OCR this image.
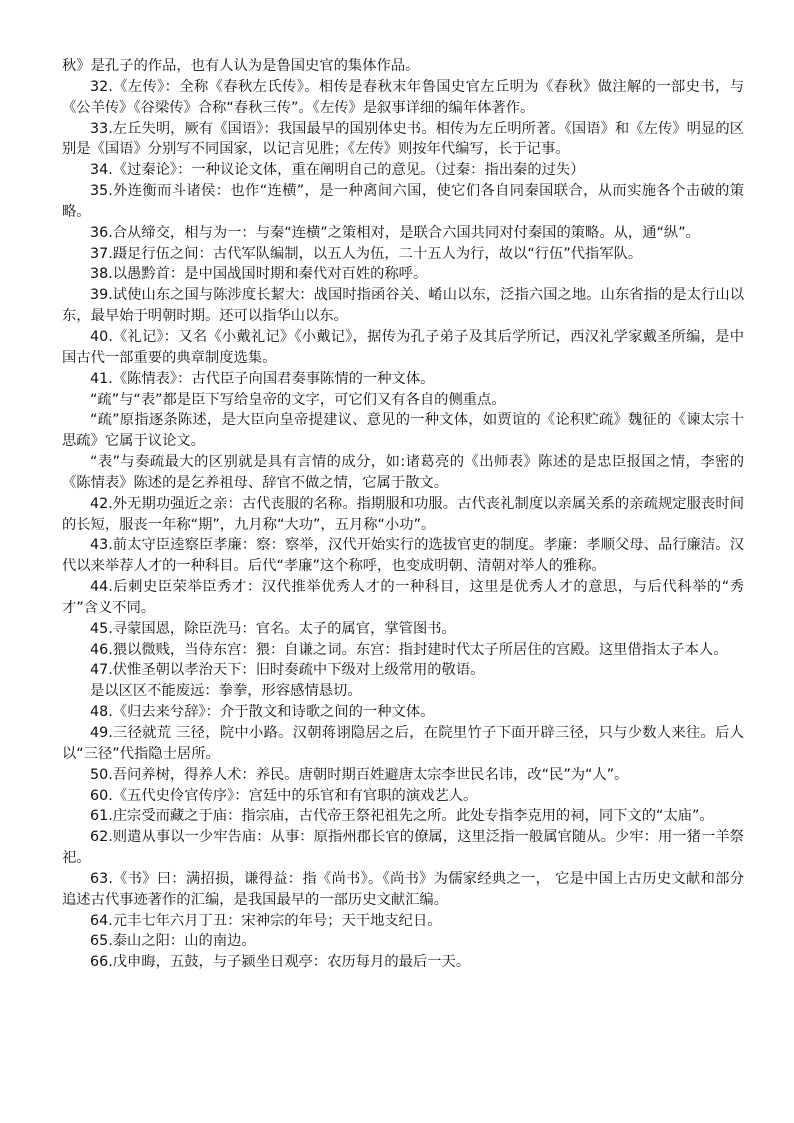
秋》是孔子的作品，也有人认为是鲁国史官的集体作品。

32.《左传》：全称《春秋左氏传》。相传是春秋末年鲁国史官左丘明为《春秋》做注解的一部史书，与《公羊传》《谷梁传》合称“春秋三传”。《左传》是叙事详细的编年体著作。

33.左丘失明，厥有《国语》：我国最早的国别体史书。相传为左丘明所著。《国语》和《左传》明显的区别是《国语》分别写不同国家，以记言见胜；《左传》则按年代编写，长于记事。

34.《过秦论》：一种议论文体，重在阐明自己的意见。（过秦：指出秦的过失）

35.外连衡而斗诸侯：也作“连横”，是一种离间六国，使它们各自同秦国联合，从而实施各个击破的策略。

36.合从缔交，相与为一：与秦“连横”之策相对，是联合六国共同对付秦国的策略。从，通“纵”。

37.蹑足行伍之间：古代军队编制，以五人为伍，二十五人为行，故以“行伍”代指军队。

38.以愚黔首：是中国战国时期和秦代对百姓的称呼。

39.试使山东之国与陈涉度长絜大：战国时指函谷关、崤山以东，泛指六国之地。山东省指的是太行山以东，最早始于明朝时期。还可以指华山以东。

40.《礼记》：又名《小戴礼记》《小戴记》，据传为孔子弟子及其后学所记，西汉礼学家戴圣所编，是中国古代一部重要的典章制度选集。

41.《陈情表》：古代臣子向国君奏事陈情的一种文体。

“疏”与“表”都是臣下写给皇帝的文字，可它们又有各自的侧重点。

“疏”原指逐条陈述，是大臣向皇帝提建议、意见的一种文体，如贾谊的《论积贮疏》魏征的《谏太宗十思疏》它属于议论文。

“表”与奏疏最大的区别就是具有言情的成分，如:诸葛亮的《出师表》陈述的是忠臣报国之情，李密的《陈情表》陈述的是乞养祖母、辞官不做之情，它属于散文。

42.外无期功强近之亲：古代丧服的名称。指期服和功服。古代丧礼制度以亲属关系的亲疏规定服丧时间的长短，服丧一年称“期”，九月称“大功”，五月称“小功”。

43.前太守臣逵察臣孝廉：察：察举，汉代开始实行的选拔官吏的制度。孝廉：孝顺父母、品行廉洁。汉代以来举荐人才的一种科目。后代“孝廉”这个称呼，也变成明朝、清朝对举人的雅称。

44.后刺史臣荣举臣秀才：汉代推举优秀人才的一种科目，这里是优秀人才的意思，与后代科举的“秀才”含义不同。

45.寻蒙国恩，除臣洗马：官名。太子的属官，掌管图书。

46.猥以微贱，当侍东宫：猥：自谦之词。东宫：指封建时代太子所居住的宫殿。这里借指太子本人。

47.伏惟圣朝以孝治天下：旧时奏疏中下级对上级常用的敬语。

是以区区不能废远：拳拳，形容感情恳切。

48.《归去来兮辞》：介于散文和诗歌之间的一种文体。

49.三径就荒 三径，院中小路。汉朝蒋诩隐居之后，在院里竹子下面开辟三径，只与少数人来往。后人以“三径”代指隐士居所。

50.吾问养树，得养人术：养民。唐朝时期百姓避唐太宗李世民名讳，改“民”为“人”。

60.《五代史伶官传序》：宫廷中的乐官和有官职的演戏艺人。

61.庄宗受而藏之于庙：指宗庙，古代帝王祭祀祖先之所。此处专指李克用的祠，同下文的“太庙”。

62.则遣从事以一少牢告庙：从事：原指州郡长官的僚属，这里泛指一般属官随从。少牢：用一猪一羊祭祀。

63.《书》曰：满招损，谦得益：指《尚书》。《尚书》为儒家经典之一， 它是中国上古历史文献和部分追述古代事迹著作的汇编，是我国最早的一部历史文献汇编。

64.元丰七年六月丁丑：宋神宗的年号；天干地支纪日。

65.泰山之阳：山的南边。

66.戊申晦，五鼓，与子颍坐日观亭：农历每月的最后一天。
